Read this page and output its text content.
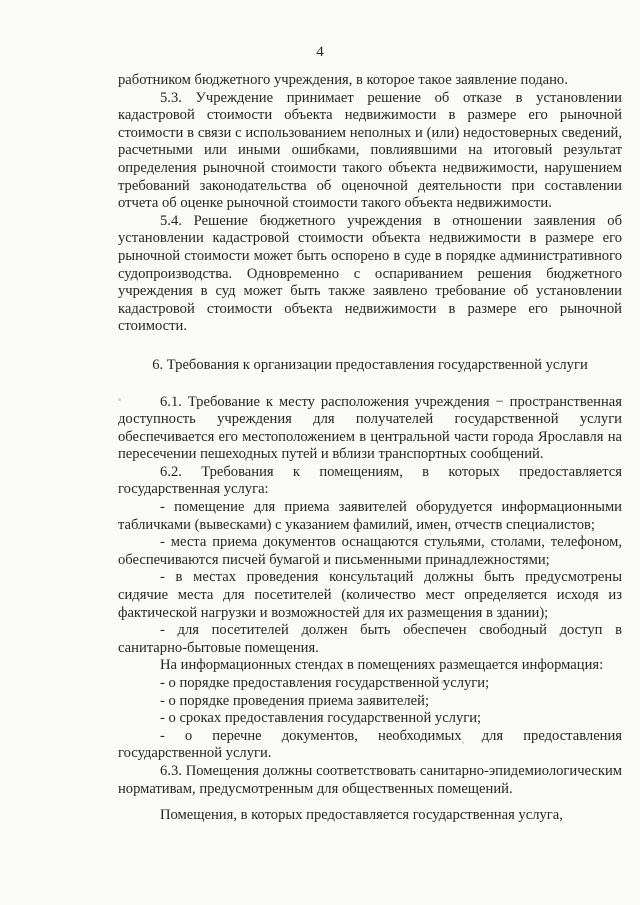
4

работником бюджетного учреждения, в которое такое заявление подано.

5.3. Учреждение принимает решение об отказе в установлении кадастровой стоимости объекта недвижимости в размере его рыночной стоимости в связи с использованием неполных и (или) недостоверных сведений, расчетными или иными ошибками, повлиявшими на итоговый результат определения рыночной стоимости такого объекта недвижимости, нарушением требований законодательства об оценочной деятельности при составлении отчета об оценке рыночной стоимости такого объекта недвижимости.

5.4. Решение бюджетного учреждения в отношении заявления об установлении кадастровой стоимости объекта недвижимости в размере его рыночной стоимости может быть оспорено в суде в порядке административного судопроизводства. Одновременно с оспариванием решения бюджетного учреждения в суд может быть также заявлено требование об установлении кадастровой стоимости объекта недвижимости в размере его рыночной стоимости.

6. Требования к организации предоставления государственной услуги

6.1. Требование к месту расположения учреждения − пространственная доступность учреждения для получателей государственной услуги обеспечивается его местоположением в центральной части города Ярославля на пересечении пешеходных путей и вблизи транспортных сообщений.

6.2. Требования к помещениям, в которых предоставляется государственная услуга:

- помещение для приема заявителей оборудуется информационными табличками (вывесками) с указанием фамилий, имен, отчеств специалистов;

- места приема документов оснащаются стульями, столами, телефоном, обеспечиваются писчей бумагой и письменными принадлежностями;

- в местах проведения консультаций должны быть предусмотрены сидячие места для посетителей (количество мест определяется исходя из фактической нагрузки и возможностей для их размещения в здании);

- для посетителей должен быть обеспечен свободный доступ в санитарно-бытовые помещения.

На информационных стендах в помещениях размещается информация:

- о порядке предоставления государственной услуги;

- о порядке проведения приема заявителей;

- о сроках предоставления государственной услуги;

- о перечне документов, необходимых для предоставления государственной услуги.

6.3. Помещения должны соответствовать санитарно-эпидемиологическим нормативам, предусмотренным для общественных помещений.

Помещения, в которых предоставляется государственная услуга,
